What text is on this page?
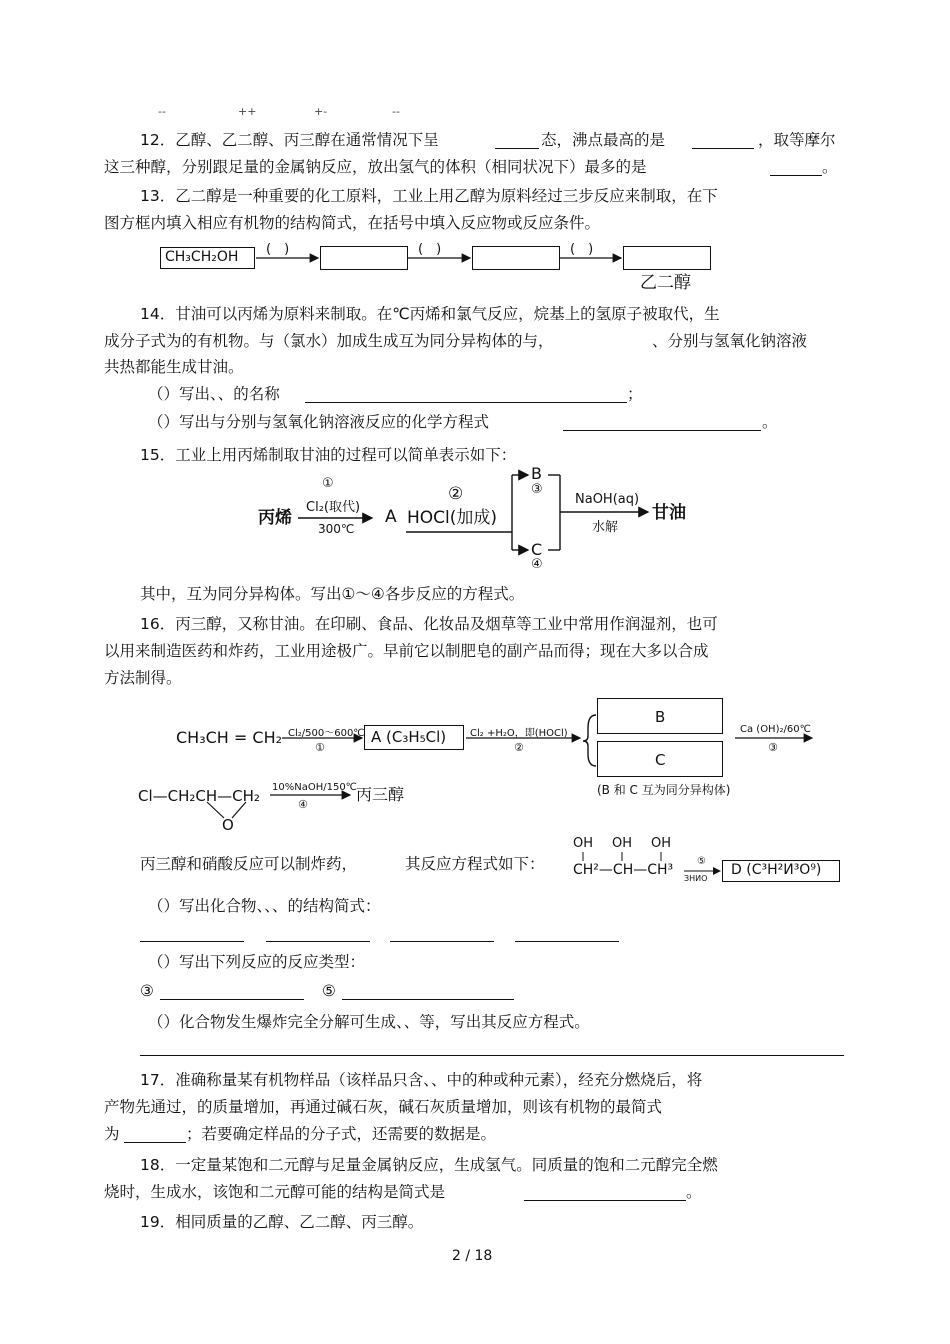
--	++	+-	--
12．乙醇、乙二醇、丙三醇在通常情况下呈	态，沸点最高的是	，取等摩尔
这三种醇，分别跟足量的金属钠反应，放出氢气的体积（相同状况下）最多的是	。
13．乙二醇是一种重要的化工原料，工业上用乙醇为原料经过三步反应来制取，在下
图方框内填入相应有机物的结构简式，在括号中填入反应物或反应条件。
CH₃CH₂OH (　)	(　)	(　)
乙二醇
14．甘油可以丙烯为原料来制取。在℃丙烯和氯气反应，烷基上的氢原子被取代，生
成分子式为的有机物。与（氯水）加成生成互为同分异构体的与，	、分别与氢氧化钠溶液
共热都能生成甘油。
（）写出、、的名称	；
（）写出与分别与氢氧化钠溶液反应的化学方程式	。
15．工业上用丙烯制取甘油的过程可以简单表示如下：
丙烯
①
Cl₂(取代)
300℃
A
②
HOCl(加成)
B
③
C
④
NaOH(aq)
水解
甘油
其中，互为同分异构体。写出①～④各步反应的方程式。
16．丙三醇，又称甘油。在印刷、食品、化妆品及烟草等工业中常用作润湿剂，也可
以用来制造医药和炸药，工业用途极广。早前它以制肥皂的副产品而得；现在大多以合成
方法制得。
CH₃CH = CH₂ Cl₂/500～600℃
①
A (C₃H₅Cl) Cl₂ +H₂O，即(HOCl)
②
B
C
Ca (OH)₂/60℃
③
(B 和 C 互为同分异构体)
Cl—CH₂CH—CH₂
O
10%NaOH/150℃
④
丙三醇
丙三醇和硝酸反应可以制炸药，	其反应方程式如下：
OH OH OH
CH²—CH—CH³
⑤
ЗНИО
D (C³H²И³O⁹)
（）写出化合物、、、的结构简式：
（）写出下列反应的反应类型：
③	⑤
（）化合物发生爆炸完全分解可生成、、等，写出其反应方程式。
17．准确称量某有机物样品（该样品只含、、中的种或种元素），经充分燃烧后，将
产物先通过，的质量增加，再通过碱石灰，碱石灰质量增加，则该有机物的最简式
为	；若要确定样品的分子式，还需要的数据是。
18．一定量某饱和二元醇与足量金属钠反应，生成氢气。同质量的饱和二元醇完全燃
烧时，生成水，该饱和二元醇可能的结构是简式是	。
19．相同质量的乙醇、乙二醇、丙三醇。
2 / 18
